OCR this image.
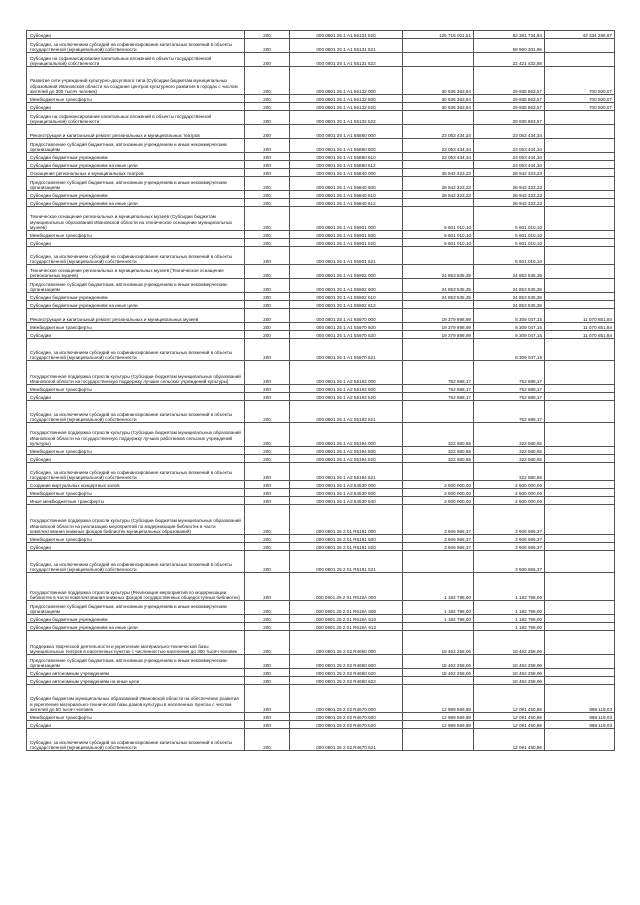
Субсидии	200	000 0801 25 1 А1 55131 520	125 716 021,51	82 381 734,84	43 334 286,67
Субсидии, за исключением субсидий на софинансирование капитальных вложений в объекты государственной (муниципальной) собственности	200	000 0801 25 1 А1 55131 521		59 960 301,96	
Субсидии на софинансирование капитальных вложений в объекты государственной (муниципальной) собственности	200	000 0801 25 1 А1 55131 522		22 421 432,88	
Развитие сети учреждений культурно-досугового типа (Субсидии бюджетам муниципальных образований Ивановской области на создание центров культурного развития в городах с числом жителей до 300 тысяч человек)	200	000 0801 25 1 А1 55132 000	30 636 363,64	29 935 863,57	700 500,07
Межбюджетные трансферты	200	000 0801 25 1 А1 55132 500	30 636 363,64	29 935 863,57	700 500,07
Субсидии	200	000 0801 25 1 А1 55132 520	30 636 363,64	29 935 863,57	700 500,07
Субсидии на софинансирование капитальных вложений в объекты государственной (муниципальной) собственности	200	000 0801 25 1 А1 55132 522		29 935 863,57	
Реконструкция и капитальный ремонт региональных и муниципальных театров	200	000 0801 25 1 А1 55880 000	23 053 434,34	23 053 434,34	
Предоставление субсидий бюджетным, автономным учреждениям и иным некоммерческим организациям	200	000 0801 25 1 А1 55880 600	23 053 434,34	23 053 434,34	
Субсидии бюджетным учреждениям	200	000 0801 25 1 А1 55880 610	23 053 434,34	23 053 434,34	
Субсидии бюджетным учреждениям на иные цели	200	000 0801 25 1 А1 55880 612		23 053 434,34	
Оснащение региональных и муниципальных театров	200	000 0801 25 1 А1 55840 000	28 942 323,23	28 942 323,23	
Предоставление субсидий бюджетным, автономным учреждениям и иным некоммерческим организациям	200	000 0801 25 1 А1 55840 600	28 942 323,23	28 942 323,23	
Субсидии бюджетным учреждениям	200	000 0801 25 1 А1 55840 610	28 942 323,23	28 942 323,23	
Субсидии бюджетным учреждениям на иные цели	200	000 0801 25 1 А1 55840 612		28 942 323,23	
Техническое оснащение региональных и муниципальных музеев (Субсидии бюджетам муниципальных образований Ивановской области на техническое оснащение муниципальных музеев)	200	000 0801 25 1 А1 55901 000	5 601 010,10	5 601 010,10	
Межбюджетные трансферты	200	000 0801 25 1 А1 55901 500	5 601 010,10	5 601 010,10	
Субсидии	200	000 0801 25 1 А1 55901 520	5 601 010,10	5 601 010,10	
Субсидии, за исключением субсидий на софинансирование капитальных вложений в объекты государственной (муниципальной) собственности	200	000 0801 25 1 А1 55901 521		5 601 010,10	
Техническое оснащение региональных и муниципальных музеев (Техническое оснащение региональных музеев)	200	000 0801 25 1 А1 55902 000	24 853 535,35	24 853 535,35	
Предоставление субсидий бюджетным, автономным учреждениям и иным некоммерческим организациям	200	000 0801 25 1 А1 55902 600	24 853 535,35	24 853 535,35	
Субсидии бюджетным учреждениям	200	000 0801 25 1 А1 55902 610	24 853 535,35	24 853 535,35	
Субсидии бюджетным учреждениям на иные цели	200	000 0801 25 1 А1 55902 612		24 853 535,35	
Реконструкция и капитальный ремонт региональных и муниципальных музеев	200	000 0801 25 1 А1 55970 000	19 379 898,99	8 309 047,15	11 070 851,84
Межбюджетные трансферты	200	000 0801 25 1 А1 55970 500	19 379 898,99	8 309 047,15	11 070 851,84
Субсидии	200	000 0801 25 1 А1 55970 520	19 379 898,99	8 309 047,15	11 070 851,84
Субсидии, за исключением субсидий на софинансирование капитальных вложений в объекты государственной (муниципальной) собственности	200	000 0801 25 1 А1 55970 521		8 309 047,15	
Государственная поддержка отрасли культуры (Субсидии бюджетам муниципальных образований Ивановской области на государственную поддержку лучших сельских учреждений культуры)	200	000 0801 25 1 А2 55193 000	752 688,17	752 688,17	
Межбюджетные трансферты	200	000 0801 25 1 А2 55193 500	752 688,17	752 688,17	
Субсидии	200	000 0801 25 1 А2 55193 520	752 688,17	752 688,17	
Субсидии, за исключением субсидий на софинансирование капитальных вложений в объекты государственной (муниципальной) собственности	200	000 0801 25 1 А2 55193 521		752 688,17	
Государственная поддержка отрасли культуры (Субсидии бюджетам муниципальных образований Ивановской области на государственную поддержку лучших работников сельских учреждений культуры)	200	000 0801 25 1 А2 55194 000	322 580,65	322 580,65	
Межбюджетные трансферты	200	000 0801 25 1 А2 55194 500	322 580,65	322 580,65	
Субсидии	200	000 0801 25 1 А2 55194 520	322 580,65	322 580,65	
Субсидии, за исключением субсидий на софинансирование капитальных вложений в объекты государственной (муниципальной) собственности	200	000 0801 25 1 А2 55194 521		322 580,65	
Создание виртуальных концертных залов	200	000 0801 25 1 А3 54530 000	2 500 000,00	2 500 000,00	
Межбюджетные трансферты	200	000 0801 25 1 А3 54530 500	2 500 000,00	2 500 000,00	
Иные межбюджетные трансферты	200	000 0801 25 1 А3 54530 540	2 500 000,00	2 500 000,00	
Государственная поддержка отрасли культуры (Субсидии бюджетам муниципальных образований Ивановской области на реализацию мероприятий по модернизации библиотек в части комплектования книжных фондов библиотек муниципальных образований)	200	000 0801 25 2 01 R5191 000	3 606 666,37	3 606 666,37	
Межбюджетные трансферты	200	000 0801 25 2 01 R5191 500	3 606 666,37	3 606 666,37	
Субсидии	200	000 0801 25 2 01 R5191 520	3 606 666,37	3 606 666,37	
Субсидии, за исключением субсидий на софинансирование капитальных вложений в объекты государственной (муниципальной) собственности	200	000 0801 25 2 01 R5191 521		3 606 666,37	
Государственная поддержка отрасли культуры (Реализация мероприятий по модернизации библиотек в части комплектования книжных фондов государственных общедоступных библиотек)	200	000 0801 25 2 01 R519А 000	1 182 796,00	1 182 796,00	
Предоставление субсидий бюджетным, автономным учреждениям и иным некоммерческим организациям	200	000 0801 25 2 01 R519А 600	1 182 796,00	1 182 796,00	
Субсидии бюджетным учреждениям	200	000 0801 25 2 01 R519А 610	1 182 796,00	1 182 796,00	
Субсидии бюджетным учреждениям на иные цели	200	000 0801 25 2 01 R519А 612		1 182 796,00	
Поддержка творческой деятельности и укрепление материально-технической базы муниципальных театров в населенных пунктах с численностью населения до 300 тысяч человек	200	000 0801 25 2 02 R4660 000	15 462 258,06	15 462 258,06	
Предоставление субсидий бюджетным, автономным учреждениям и иным некоммерческим организациям	200	000 0801 25 2 02 R4660 600	15 462 258,06	15 462 258,06	
Субсидии автономным учреждениям	200	000 0801 25 2 02 R4660 620	15 462 258,06	15 462 258,06	
Субсидии автономным учреждениям на иные цели	200	000 0801 25 2 02 R4660 622		15 462 258,06	
Субсидии бюджетам муниципальных образований Ивановской области на обеспечение развития и укрепления материально-технической базы домов культуры в населенных пунктах с числом жителей до 50 тысяч человек	200	000 0801 25 2 02 R4670 000	12 989 569,89	12 091 450,86	898 119,03
Межбюджетные трансферты	200	000 0801 25 2 02 R4670 500	12 989 569,89	12 091 450,86	898 119,03
Субсидии	200	000 0801 25 2 02 R4670 520	12 989 569,89	12 091 450,86	898 119,03
Субсидии, за исключением субсидий на софинансирование капитальных вложений в объекты государственной (муниципальной) собственности	200	000 0801 25 2 02 R4670 521		12 091 450,86	
